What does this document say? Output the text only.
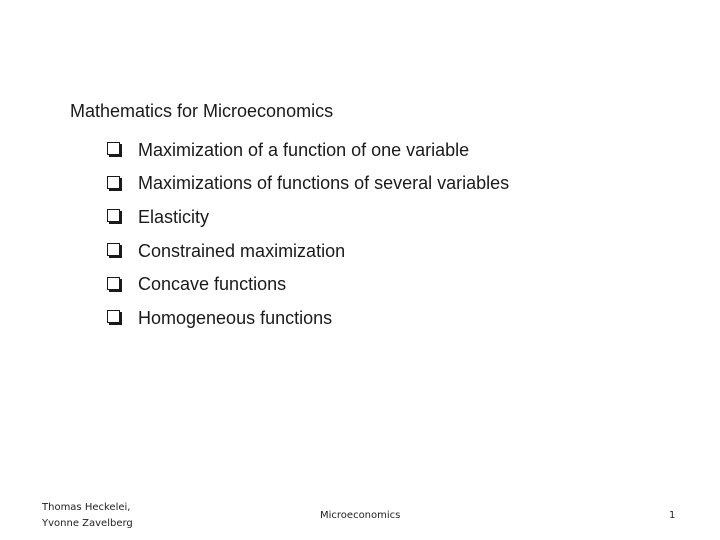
Mathematics for Microeconomics
Maximization of a function of one variable
Maximizations of functions of several variables
Elasticity
Constrained maximization
Concave functions
Homogeneous functions
Thomas Heckelei,
Yvonne Zavelberg
Microeconomics	1
